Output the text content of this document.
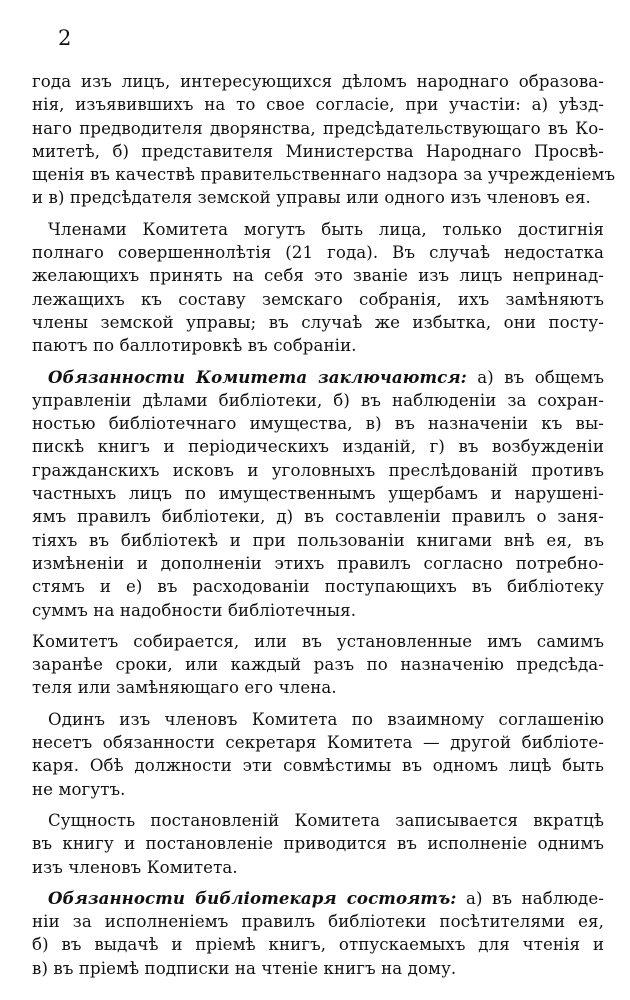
2
года изъ лицъ, интересующихся дѣломъ народнаго образова-
нія, изъявившихъ на то свое согласіе, при участіи: а) уѣзд-
наго предводителя дворянства, предсѣдательствующаго въ Ко-
митетѣ, б) представителя Министерства Народнаго Просвѣ-
щенія въ качествѣ правительственнаго надзора за учрежденіемъ
и в) предсѣдателя земской управы или одного изъ членовъ ея.
Членами Комитета могутъ быть лица, только достигнія
полнаго совершеннолѣтія (21 года). Въ случаѣ недостатка
желающихъ принять на себя это званіе изъ лицъ непринад-
лежащихъ къ составу земскаго собранія, ихъ замѣняютъ
члены земской управы; въ случаѣ же избытка, они посту-
паютъ по баллотировкѣ въ собраніи.
Обязанности Комитета заключаются: а) въ общемъ
управленіи дѣлами библіотеки, б) въ наблюденіи за сохран-
ностью библіотечнаго имущества, в) въ назначеніи къ вы-
пискѣ книгъ и періодическихъ изданій, г) въ возбужденіи
гражданскихъ исковъ и уголовныхъ преслѣдованій противъ
частныхъ лицъ по имущественнымъ ущербамъ и нарушені-
ямъ правилъ библіотеки, д) въ составленіи правилъ о заня-
тіяхъ въ библіотекѣ и при пользованіи книгами внѣ ея, въ
измѣненіи и дополненіи этихъ правилъ согласно потребно-
стямъ и е) въ расходованіи поступающихъ въ библіотеку
суммъ на надобности библіотечныя.
Комитетъ собирается, или въ установленные имъ самимъ
заранѣе сроки, или каждый разъ по назначенію предсѣда-
теля или замѣняющаго его члена.
Одинъ изъ членовъ Комитета по взаимному соглашенію
несетъ обязанности секретаря Комитета — другой библіоте-
каря. Обѣ должности эти совмѣстимы въ одномъ лицѣ быть
не могутъ.
Сущность постановленій Комитета записывается вкратцѣ
въ книгу и постановленіе приводится въ исполненіе однимъ
изъ членовъ Комитета.
Обязанности библіотекаря состоятъ: а) въ наблюде-
ніи за исполненіемъ правилъ библіотеки посѣтителями ея,
б) въ выдачѣ и пріемѣ книгъ, отпускаемыхъ для чтенія и
в) въ пріемѣ подписки на чтеніе книгъ на дому.
